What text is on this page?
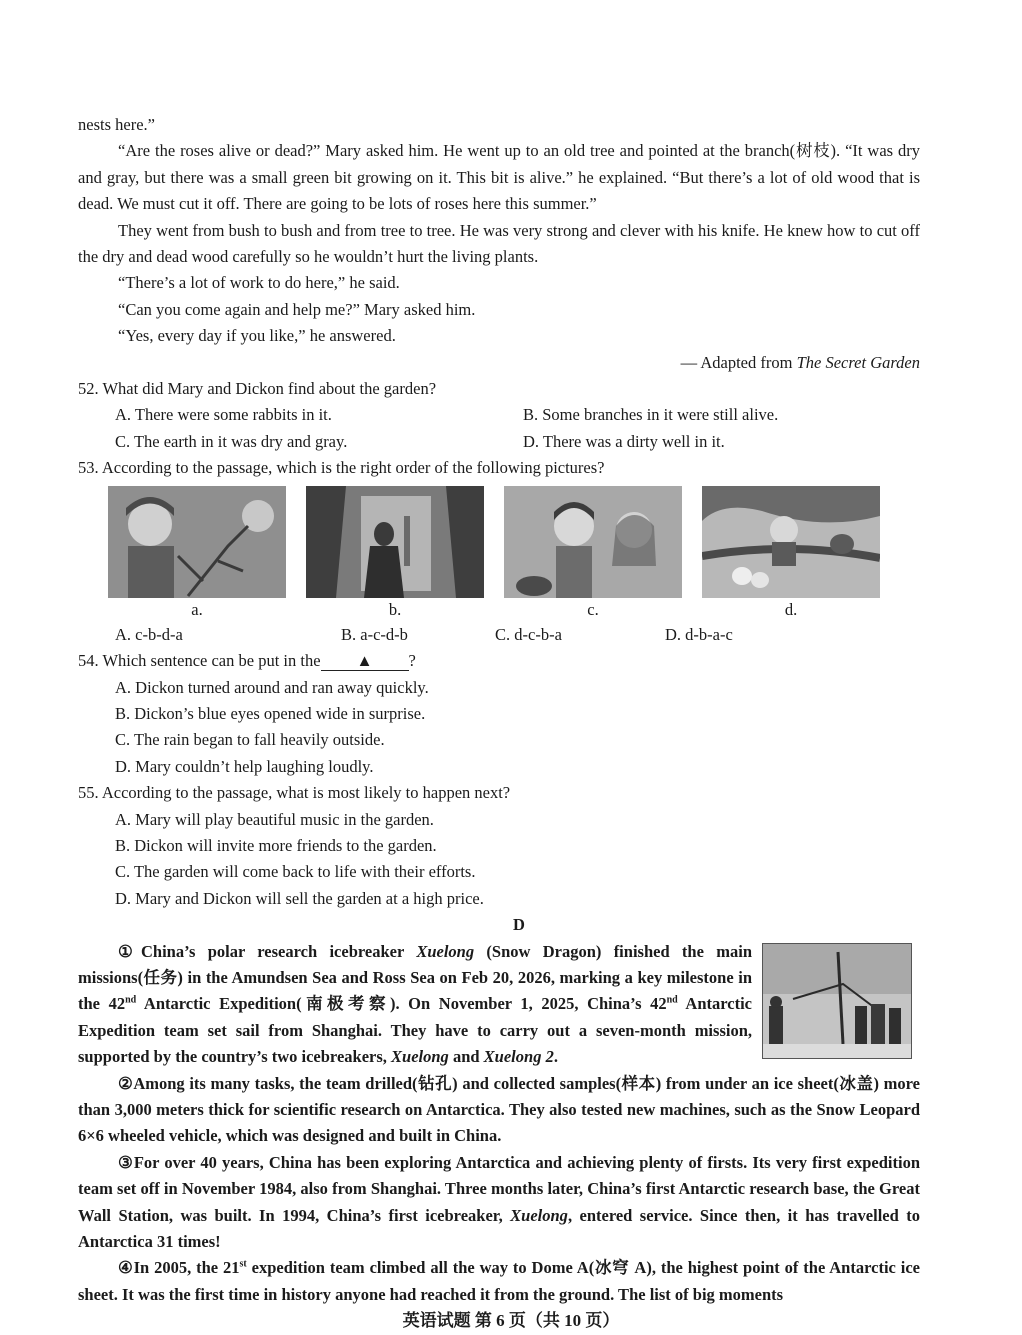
nests here.”

“Are the roses alive or dead?” Mary asked him. He went up to an old tree and pointed at the branch(树枝). “It was dry and gray, but there was a small green bit growing on it. This bit is alive.” he explained. “But there’s a lot of old wood that is dead. We must cut it off. There are going to be lots of roses here this summer.”

They went from bush to bush and from tree to tree. He was very strong and clever with his knife. He knew how to cut off the dry and dead wood carefully so he wouldn’t hurt the living plants.

“There’s a lot of work to do here,” he said.

“Can you come again and help me?” Mary asked him.

“Yes, every day if you like,” he answered.

— Adapted from The Secret Garden

52. What did Mary and Dickon find about the garden?

A. There were some rabbits in it.	B. Some branches in it were still alive.
C. The earth in it was dry and gray.	D. There was a dirty well in it.

53. According to the passage, which is the right order of the following pictures?

a.	b.	c.	d.
A. c-b-d-a	B. a-c-d-b	C. d-c-b-a	D. d-b-a-c

54. Which sentence can be put in the ▲ ?

A. Dickon turned around and ran away quickly.

B. Dickon’s blue eyes opened wide in surprise.

C. The rain began to fall heavily outside.

D. Mary couldn’t help laughing loudly.

55. According to the passage, what is most likely to happen next?

A. Mary will play beautiful music in the garden.

B. Dickon will invite more friends to the garden.

C. The garden will come back to life with their efforts.

D. Mary and Dickon will sell the garden at a high price.

D

①China’s polar research icebreaker Xuelong (Snow Dragon) finished the main missions(任务) in the Amundsen Sea and Ross Sea on Feb 20, 2026, marking a key milestone in the 42nd Antarctic Expedition(南极考察). On November 1, 2025, China’s 42nd Antarctic Expedition team set sail from Shanghai. They have to carry out a seven-month mission, supported by the country’s two icebreakers, Xuelong and Xuelong 2.

②Among its many tasks, the team drilled(钻孔) and collected samples(样本) from under an ice sheet(冰盖) more than 3,000 meters thick for scientific research on Antarctica. They also tested new machines, such as the Snow Leopard 6×6 wheeled vehicle, which was designed and built in China.

③For over 40 years, China has been exploring Antarctica and achieving plenty of firsts. Its very first expedition team set off in November 1984, also from Shanghai. Three months later, China’s first Antarctic research base, the Great Wall Station, was built. In 1994, China’s first icebreaker, Xuelong, entered service. Since then, it has travelled to Antarctica 31 times!

④In 2005, the 21st expedition team climbed all the way to Dome A(冰穹 A), the highest point of the Antarctic ice sheet. It was the first time in history anyone had reached it from the ground. The list of big moments

英语试题 第 6 页（共 10 页）
